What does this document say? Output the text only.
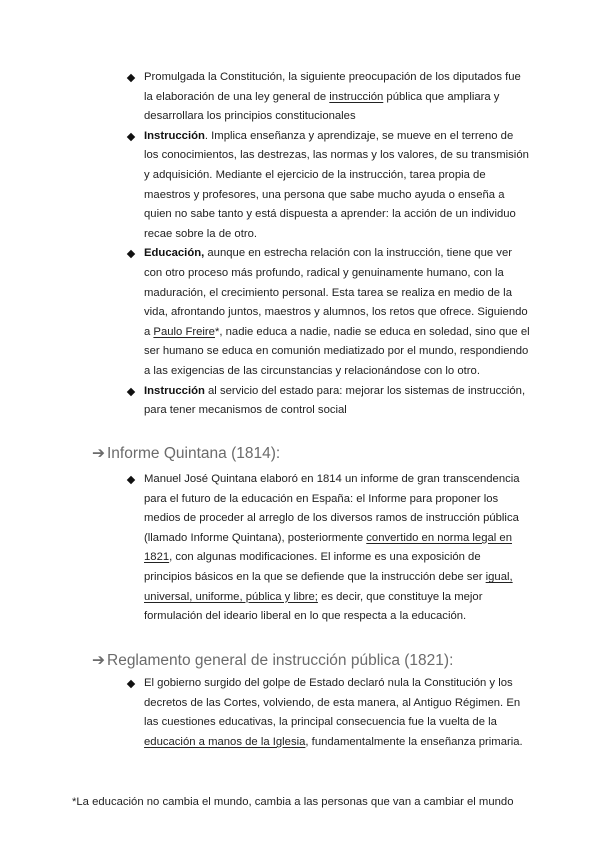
Promulgada la Constitución, la siguiente preocupación de los diputados fue la elaboración de una ley general de instrucción pública que ampliara y desarrollara los principios constitucionales

Instrucción. Implica enseñanza y aprendizaje, se mueve en el terreno de los conocimientos, las destrezas, las normas y los valores, de su transmisión y adquisición. Mediante el ejercicio de la instrucción, tarea propia de maestros y profesores, una persona que sabe mucho ayuda o enseña a quien no sabe tanto y está dispuesta a aprender: la acción de un individuo recae sobre la de otro.

Educación, aunque en estrecha relación con la instrucción, tiene que ver con otro proceso más profundo, radical y genuinamente humano, con la maduración, el crecimiento personal. Esta tarea se realiza en medio de la vida, afrontando juntos, maestros y alumnos, los retos que ofrece. Siguiendo a Paulo Freire*, nadie educa a nadie, nadie se educa en soledad, sino que el ser humano se educa en comunión mediatizado por el mundo, respondiendo a las exigencias de las circunstancias y relacionándose con lo otro.

Instrucción al servicio del estado para: mejorar los sistemas de instrucción, para tener mecanismos de control social

➔ Informe Quintana (1814):

Manuel José Quintana elaboró en 1814 un informe de gran transcendencia para el futuro de la educación en España: el Informe para proponer los medios de proceder al arreglo de los diversos ramos de instrucción pública (llamado Informe Quintana), posteriormente convertido en norma legal en 1821, con algunas modificaciones. El informe es una exposición de principios básicos en la que se defiende que la instrucción debe ser igual, universal, uniforme, pública y libre; es decir, que constituye la mejor formulación del ideario liberal en lo que respecta a la educación.

➔ Reglamento general de instrucción pública (1821):

El gobierno surgido del golpe de Estado declaró nula la Constitución y los decretos de las Cortes, volviendo, de esta manera, al Antiguo Régimen. En las cuestiones educativas, la principal consecuencia fue la vuelta de la educación a manos de la Iglesia, fundamentalmente la enseñanza primaria.

*La educación no cambia el mundo, cambia a las personas que van a cambiar el mundo
